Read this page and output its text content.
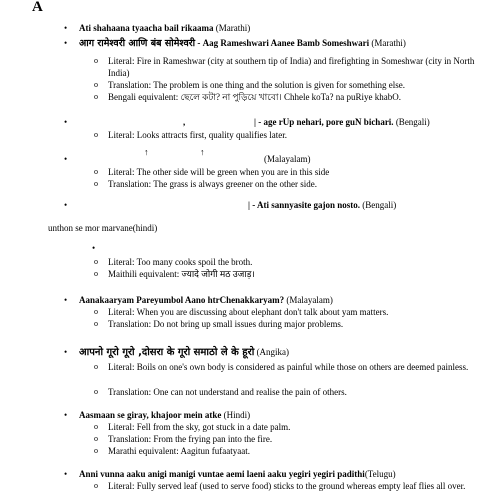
A
• Ati shahaana tyaacha bail rikaama (Marathi)
• आग रामेश्वरी आणि बंब सोमेश्वरी - Aag Rameshwari Aanee Bamb Someshwari (Marathi)
o Literal: Fire in Rameshwar (city at southern tip of India) and firefighting in Someshwar (city in North India)
o Translation: The problem is one thing and the solution is given for something else.
o Bengali equivalent: ছেলে কটা? না পুড়িয়ে খাবো। Chhele koTa? na puRiye khabO.
•	,	| - age rUp nehari, pore guN bichari. (Bengali)
o Literal: Looks attracts first, quality qualifies later.
↑	↑
•	(Malayalam)
o Literal: The other side will be green when you are in this side
o Translation: The grass is always greener on the other side.
•	| - Ati sannyasite gajon nosto. (Bengali)
unthon se mor marvane(hindi)
•
o Literal: Too many cooks spoil the broth.
o Maithili equivalent: ज्यादे जोगी मठ उजाड़।
• Aanakaaryam Pareyumbol Aano htrChenakkaryam? (Malayalam)
o Literal: When you are discussing about elephant don't talk about yam matters.
o Translation: Do not bring up small issues during major problems.
• आपनो गूरो गूरो ,दोसरा के गूरो समाठो ले के हूरो (Angika)
o Literal: Boils on one's own body is considered as painful while those on others are deemed painless.
o Translation: One can not understand and realise the pain of others.
• Aasmaan se giray, khajoor mein atke (Hindi)
o Literal: Fell from the sky, got stuck in a date palm.
o Translation: From the frying pan into the fire.
o Marathi equivalent: Aagitun fufaatyaat.
• Anni vunna aaku anigi manigi vuntae aemi laeni aaku yegiri yegiri padithi(Telugu)
o Literal: Fully served leaf (used to serve food) sticks to the ground whereas empty leaf flies all over.
